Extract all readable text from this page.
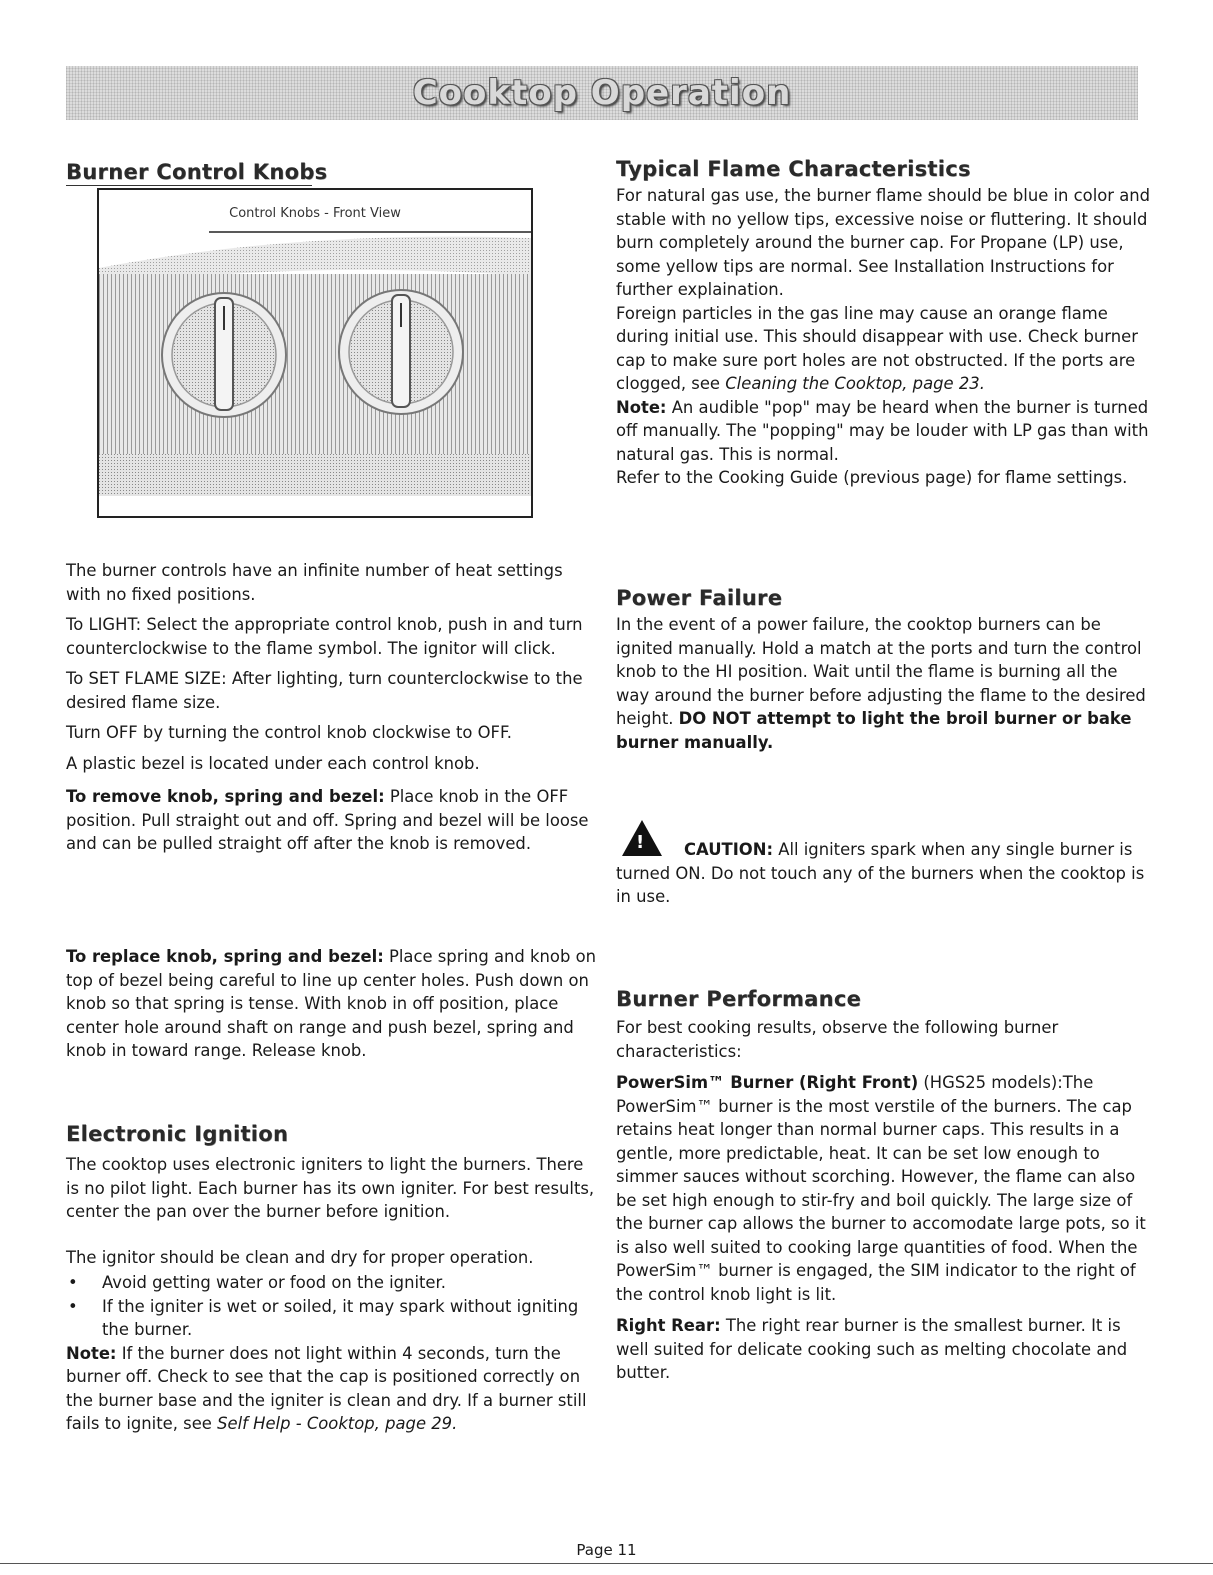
Cooktop Operation
Burner Control Knobs
Control Knobs - Front View

The burner controls have an infinite number of heat settings with no fixed positions.

To LIGHT: Select the appropriate control knob, push in and turn counterclockwise to the flame symbol. The ignitor will click.

To SET FLAME SIZE: After lighting, turn counterclockwise to the desired flame size.

Turn OFF by turning the control knob clockwise to OFF.

A plastic bezel is located under each control knob.

To remove knob, spring and bezel: Place knob in the OFF position. Pull straight out and off. Spring and bezel will be loose and can be pulled straight off after the knob is removed.

To replace knob, spring and bezel: Place spring and knob on top of bezel being careful to line up center holes. Push down on knob so that spring is tense. With knob in off position, place center hole around shaft on range and push bezel, spring and knob in toward range. Release knob.

Electronic Ignition

The cooktop uses electronic igniters to light the burners. There is no pilot light. Each burner has its own igniter. For best results, center the pan over the burner before ignition.

The ignitor should be clean and dry for proper operation.

• Avoid getting water or food on the igniter.
• If the igniter is wet or soiled, it may spark without igniting the burner.

Note: If the burner does not light within 4 seconds, turn the burner off. Check to see that the cap is positioned correctly on the burner base and the igniter is clean and dry. If a burner still fails to ignite, see Self Help - Cooktop, page 29.

Typical Flame Characteristics

For natural gas use, the burner flame should be blue in color and stable with no yellow tips, excessive noise or fluttering. It should burn completely around the burner cap. For Propane (LP) use, some yellow tips are normal. See Installation Instructions for further explaination.

Foreign particles in the gas line may cause an orange flame during initial use. This should disappear with use. Check burner cap to make sure port holes are not obstructed. If the ports are clogged, see Cleaning the Cooktop, page 23.

Note: An audible "pop" may be heard when the burner is turned off manually. The "popping" may be louder with LP gas than with natural gas. This is normal.

Refer to the Cooking Guide (previous page) for flame settings.

Power Failure

In the event of a power failure, the cooktop burners can be ignited manually. Hold a match at the ports and turn the control knob to the HI position. Wait until the flame is burning all the way around the burner before adjusting the flame to the desired height. DO NOT attempt to light the broil burner or bake burner manually.

!	CAUTION: All igniters spark when any single burner is turned ON. Do not touch any of the burners when the cooktop is in use.

Burner Performance

For best cooking results, observe the following burner characteristics:

PowerSim™ Burner (Right Front) (HGS25 models):The PowerSim™ burner is the most verstile of the burners. The cap retains heat longer than normal burner caps. This results in a gentle, more predictable, heat. It can be set low enough to simmer sauces without scorching. However, the flame can also be set high enough to stir-fry and boil quickly. The large size of the burner cap allows the burner to accomodate large pots, so it is also well suited to cooking large quantities of food. When the PowerSim™ burner is engaged, the SIM indicator to the right of the control knob light is lit.

Right Rear: The right rear burner is the smallest burner. It is well suited for delicate cooking such as melting chocolate and butter.

Page 11
